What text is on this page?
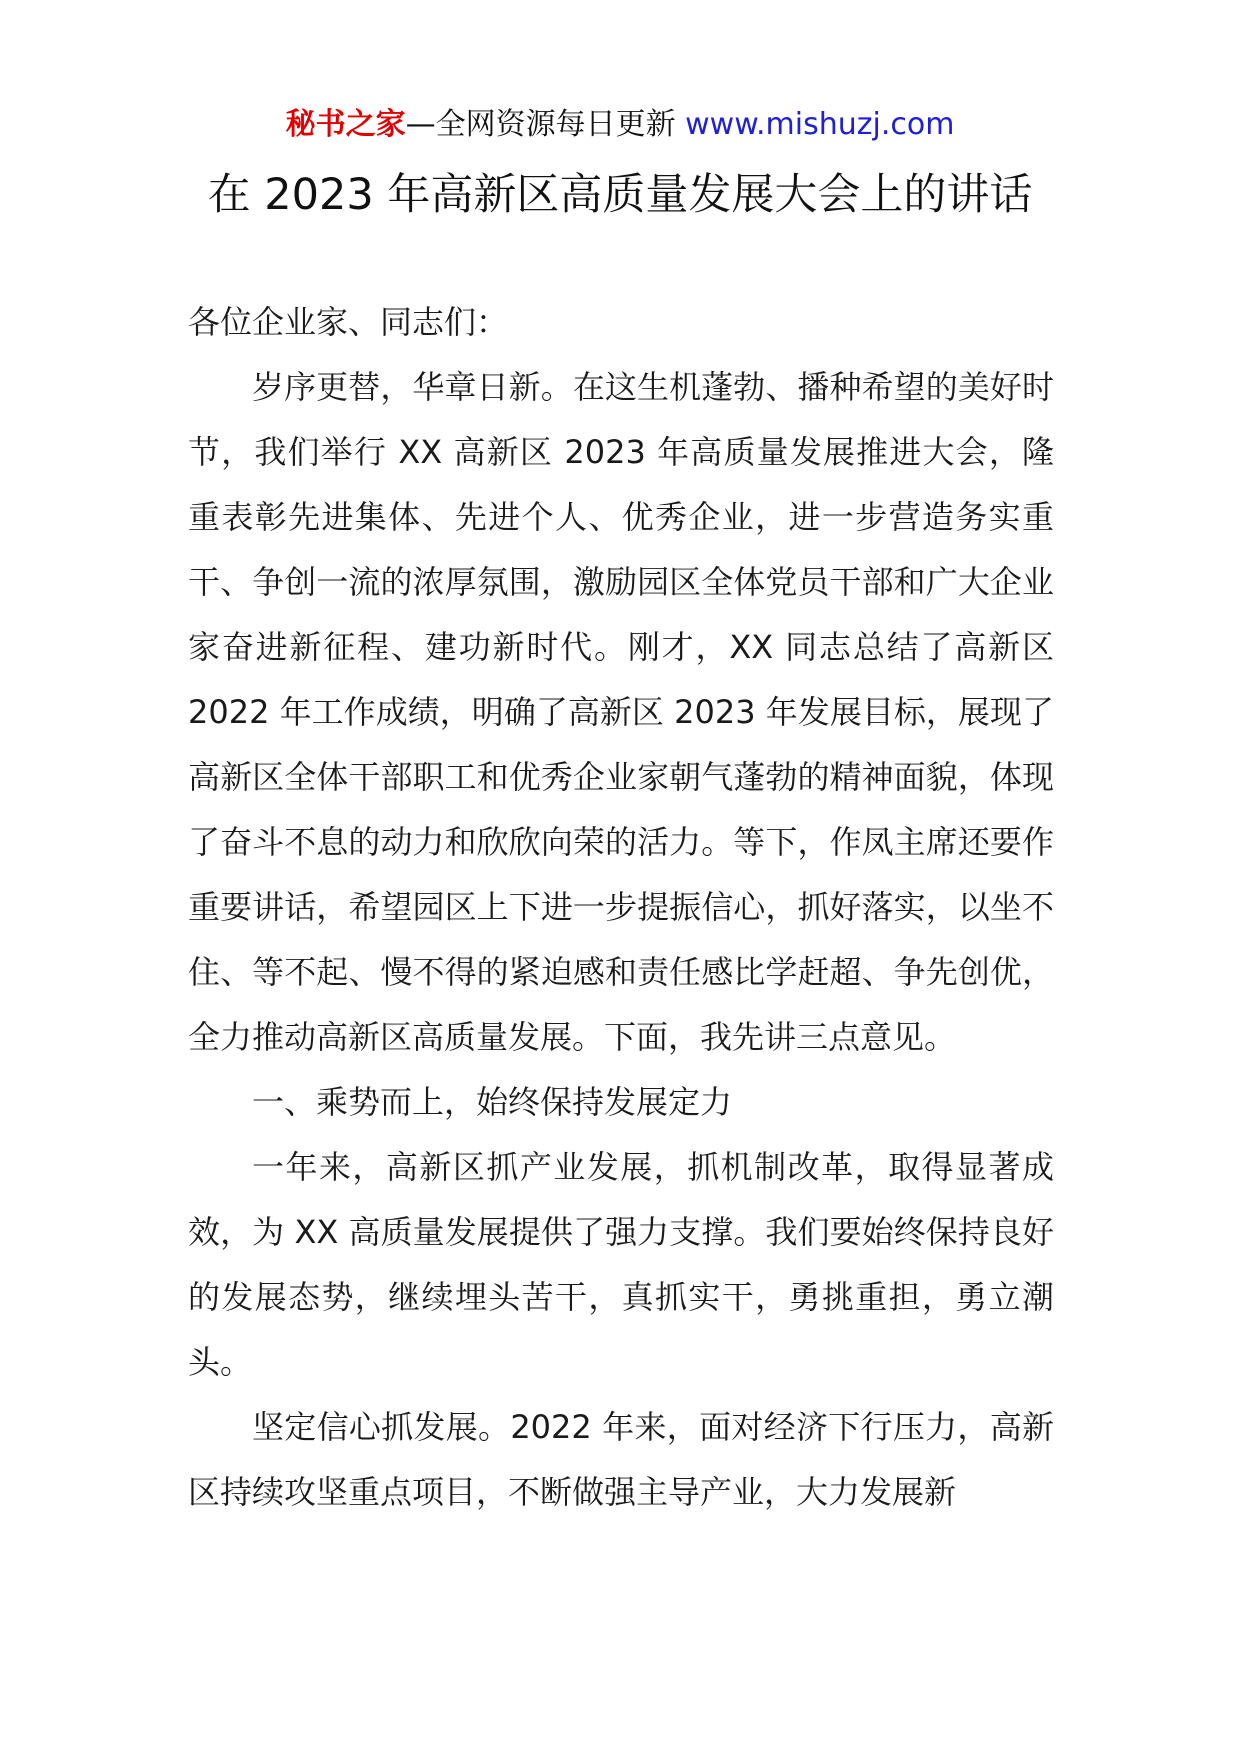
秘书之家—全网资源每日更新 www.mishuzj.com
在 2023 年高新区高质量发展大会上的讲话

各位企业家、同志们：

岁序更替，华章日新。在这生机蓬勃、播种希望的美好时节，我们举行 XX 高新区 2023 年高质量发展推进大会，隆重表彰先进集体、先进个人、优秀企业，进一步营造务实重干、争创一流的浓厚氛围，激励园区全体党员干部和广大企业家奋进新征程、建功新时代。刚才，XX 同志总结了高新区 2022 年工作成绩，明确了高新区 2023 年发展目标，展现了高新区全体干部职工和优秀企业家朝气蓬勃的精神面貌，体现了奋斗不息的动力和欣欣向荣的活力。等下，作凤主席还要作重要讲话，希望园区上下进一步提振信心，抓好落实，以坐不住、等不起、慢不得的紧迫感和责任感比学赶超、争先创优，全力推动高新区高质量发展。下面，我先讲三点意见。

一、乘势而上，始终保持发展定力

一年来，高新区抓产业发展，抓机制改革，取得显著成效，为 XX 高质量发展提供了强力支撑。我们要始终保持良好的发展态势，继续埋头苦干，真抓实干，勇挑重担，勇立潮头。

坚定信心抓发展。2022 年来，面对经济下行压力，高新区持续攻坚重点项目，不断做强主导产业，大力发展新
